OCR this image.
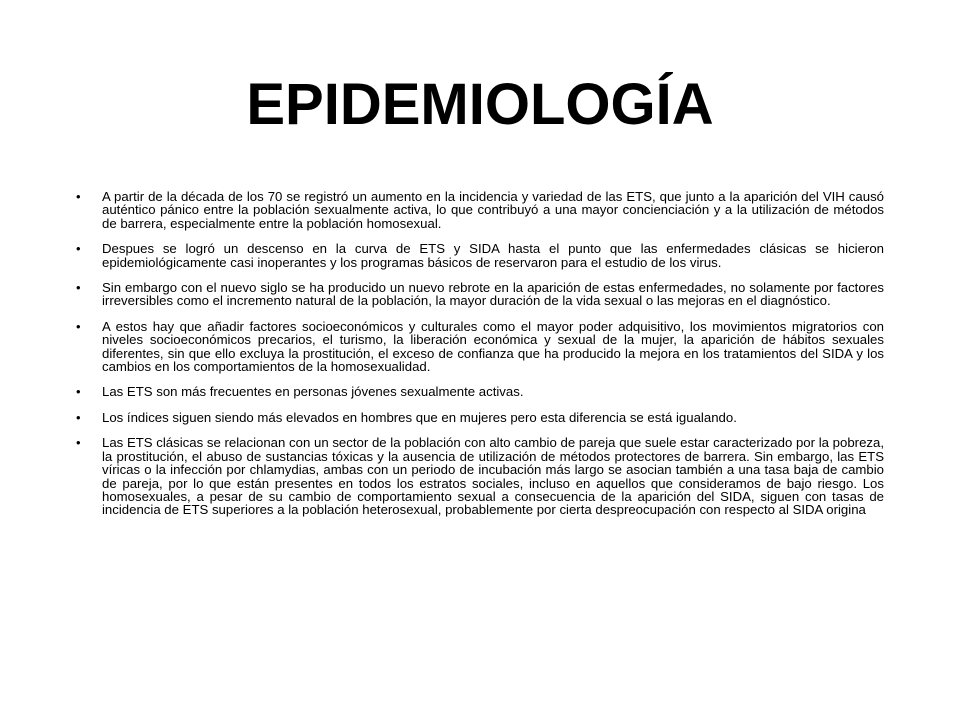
EPIDEMIOLOGÍA
• A partir de la década de los 70 se registró un aumento en la incidencia y variedad de las ETS, que junto a la aparición del VIH causó auténtico pánico entre la población sexualmente activa, lo que contribuyó a una mayor concienciación y a la utilización de métodos de barrera, especialmente entre la población homosexual.
• Despues se logró un descenso en la curva de ETS y SIDA hasta el punto que las enfermedades clásicas se hicieron epidemiológicamente casi inoperantes y los programas básicos de reservaron para el estudio de los virus.
• Sin embargo con el nuevo siglo se ha producido un nuevo rebrote en la aparición de estas enfermedades, no solamente por factores irreversibles como el incremento natural de la población, la mayor duración de la vida sexual o las mejoras en el diagnóstico.
• A estos hay que añadir factores socioeconómicos y culturales como el mayor poder adquisitivo, los movimientos migratorios con niveles socioeconómicos precarios, el turismo, la liberación económica y sexual de la mujer, la aparición de hábitos sexuales diferentes, sin que ello excluya la prostitución, el exceso de confianza que ha producido la mejora en los tratamientos del SIDA y los cambios en los comportamientos de la homosexualidad.
• Las ETS son más frecuentes en personas jóvenes sexualmente activas.
• Los índices siguen siendo más elevados en hombres que en mujeres pero esta diferencia se está igualando.
• Las ETS clásicas se relacionan con un sector de la población con alto cambio de pareja que suele estar caracterizado por la pobreza, la prostitución, el abuso de sustancias tóxicas y la ausencia de utilización de métodos protectores de barrera. Sin embargo, las ETS víricas o la infección por chlamydias, ambas con un periodo de incubación más largo se asocian también a una tasa baja de cambio de pareja, por lo que están presentes en todos los estratos sociales, incluso en aquellos que consideramos de bajo riesgo. Los homosexuales, a pesar de su cambio de comportamiento sexual a consecuencia de la aparición del SIDA, siguen con tasas de incidencia de ETS superiores a la población heterosexual, probablemente por cierta despreocupación con respecto al SIDA origina
